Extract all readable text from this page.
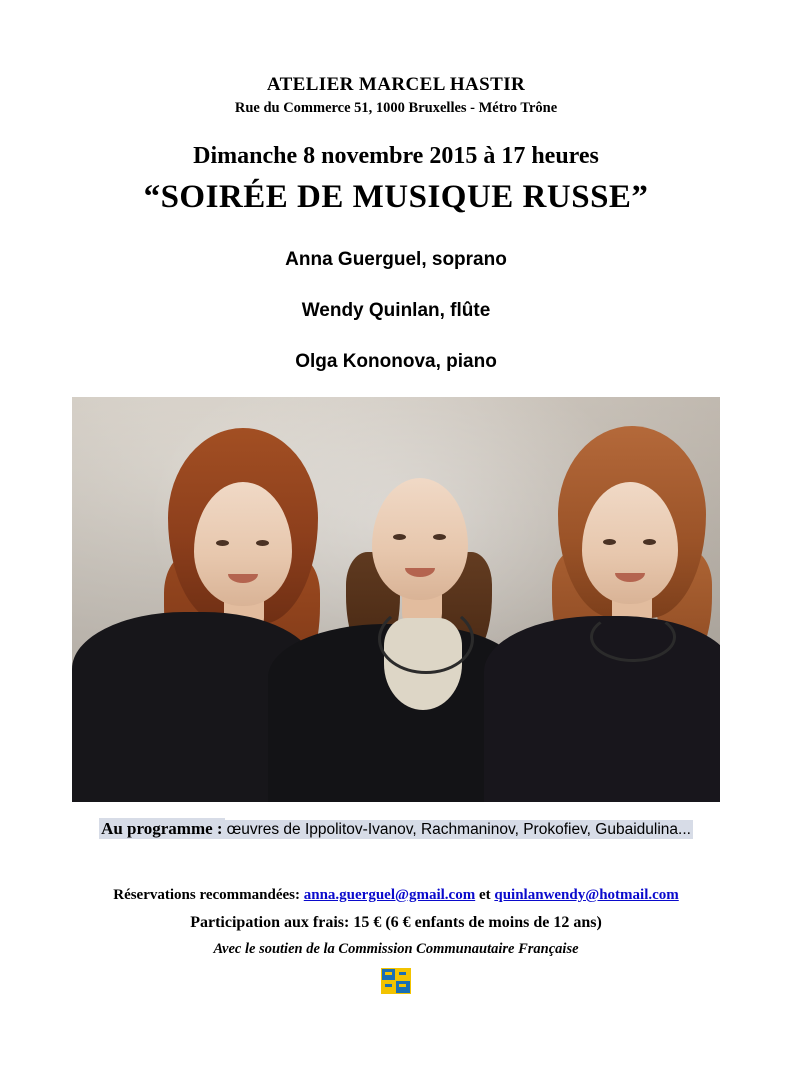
ATELIER MARCEL HASTIR

Rue du Commerce 51, 1000 Bruxelles - Métro Trône

Dimanche 8 novembre 2015 à 17 heures

“SOIRÉE DE MUSIQUE RUSSE”

Anna Guerguel, soprano

Wendy Quinlan, flûte

Olga Kononova, piano

Au programme : œuvres de Ippolitov-Ivanov, Rachmaninov, Prokofiev, Gubaidulina...

Réservations recommandées: anna.guerguel@gmail.com et quinlanwendy@hotmail.com

Participation aux frais: 15 € (6 € enfants de moins de 12 ans)

Avec le soutien de la Commission Communautaire Française
